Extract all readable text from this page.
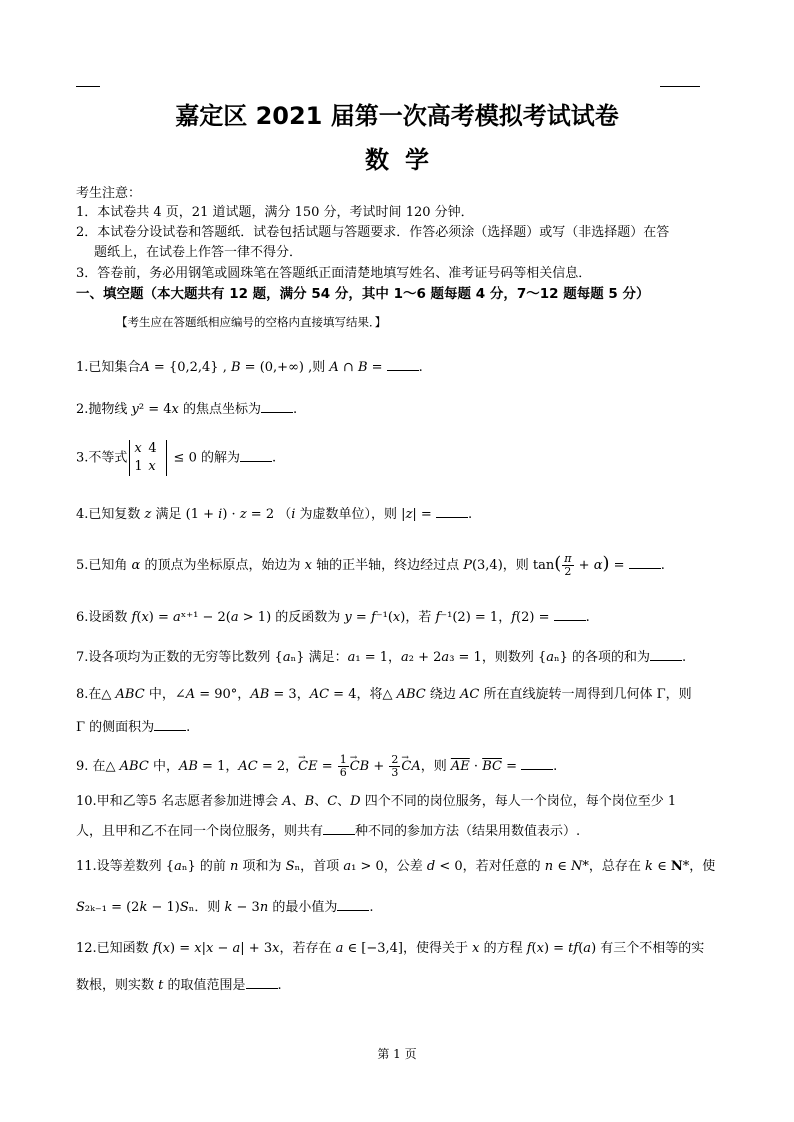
嘉定区 2021 届第一次高考模拟考试试卷
数 学
考生注意：
1．本试卷共 4 页，21 道试题，满分 150 分，考试时间 120 分钟．
2．本试卷分设试卷和答题纸．试卷包括试题与答题要求．作答必须涂（选择题）或写（非选择题）在答
题纸上，在试卷上作答一律不得分．
3．答卷前，务必用钢笔或圆珠笔在答题纸正面清楚地填写姓名、准考证号码等相关信息．
一、填空题（本大题共有 12 题，满分 54 分，其中 1～6 题每题 4 分，7～12 题每题 5 分）
【考生应在答题纸相应编号的空格内直接填写结果．】
1.已知集合A = {0,2,4} , B = (0,+∞) ,则 A ∩ B = .
2.抛物线 y² = 4x 的焦点坐标为 .
3.不等式
x 4
1 x
≤ 0 的解为 .
4.已知复数 z 满足 (1 + i) · z = 2 （i 为虚数单位），则 |z| = .
5.已知角 α 的顶点为坐标原点，始边为 x 轴的正半轴，终边经过点 P(3,4)，则 $\tan( \frac{\pi}{2} + \alpha)$ = .
6.设函数 f(x) = aˣ⁺¹ − 2(a > 1) 的反函数为 y = f⁻¹(x)，若 f⁻¹(2) = 1，f(2) = .
7.设各项均为正数的无穷等比数列 {aₙ} 满足：a₁ = 1，a₂ + 2a₃ = 1，则数列 {aₙ} 的各项的和为 .
8.在△ ABC 中，∠A = 90°，AB = 3，AC = 4，将△ ABC 绕边 AC 所在直线旋转一周得到几何体 Γ，则
Γ 的侧面积为 .
9. 在△ ABC 中，AB = 1，AC = 2，→ CE = $\frac{1}{6}$ → CB + $\frac{2}{3}$ → CA，则 $\overline{AE} \cdot \overline{BC}$ = .
10.甲和乙等5 名志愿者参加进博会 A、B、C、D 四个不同的岗位服务，每人一个岗位，每个岗位至少 1
人，且甲和乙不在同一个岗位服务，则共有 种不同的参加方法（结果用数值表示）.
11.设等差数列 {aₙ} 的前 n 项和为 Sₙ，首项 a₁ > 0，公差 d < 0，若对任意的 n ∈ N*，总存在 k ∈ N*，使
S₂ₖ₋₁ = (2k − 1)Sₙ．则 k − 3n 的最小值为 .
12.已知函数 f(x) = x|x − a| + 3x，若存在 a ∈ [−3,4]，使得关于 x 的方程 f(x) = tf(a) 有三个不相等的实
数根，则实数 t 的取值范围是 .
第 1 页
